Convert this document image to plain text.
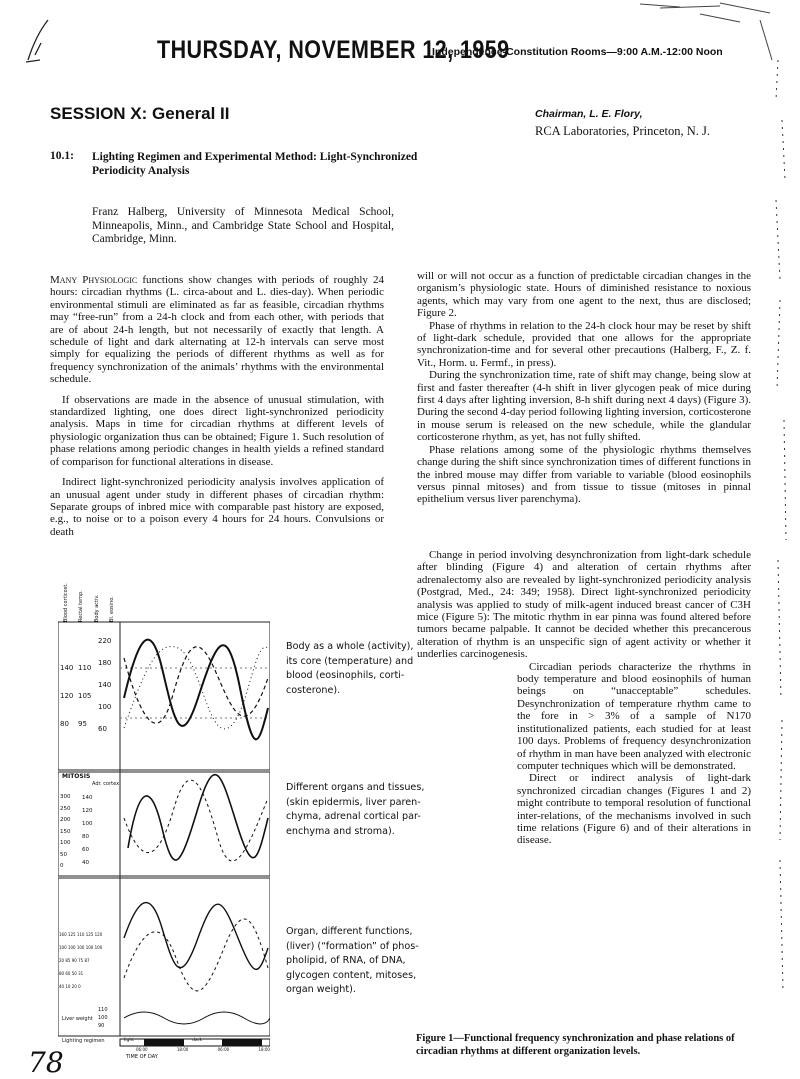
THURSDAY, NOVEMBER 12, 1959
Independence-Constitution Rooms—9:00 A.M.-12:00 Noon
SESSION X: General II	Chairman, L. E. Flory,
RCA Laboratories, Princeton, N. J.
10.1: Lighting Regimen and Experimental Method: Light-Synchronized Periodicity Analysis
Franz Halberg, University of Minnesota Medical School, Minneapolis, Minn., and Cambridge State School and Hospital, Cambridge, Minn.

Many Physiologic functions show changes with periods of roughly 24 hours: circadian rhythms (L. circa-about and L. dies-day). When periodic environmental stimuli are eliminated as far as feasible, circadian rhythms may “free-run” from a 24-h clock and from each other, with periods that are of about 24-h length, but not necessarily of exactly that length. A schedule of light and dark alternating at 12-h intervals can serve most simply for equalizing the periods of different rhythms as well as for frequency synchronization of the animals’ rhythms with the environmental schedule.

If observations are made in the absence of unusual stimulation, with standardized lighting, one does direct light-synchronized periodicity analysis. Maps in time for circadian rhythms at different levels of physiologic organization thus can be obtained; Figure 1. Such resolution of phase relations among periodic changes in health yields a refined standard of comparison for functional alterations in disease.

Indirect light-synchronized periodicity analysis involves application of an unusual agent under study in different phases of circadian rhythm: Separate groups of inbred mice with comparable past history are exposed, e.g., to noise or to a poison every 4 hours for 24 hours. Convulsions or death

will or will not occur as a function of predictable circadian changes in the organism’s physiologic state. Hours of diminished resistance to noxious agents, which may vary from one agent to the next, thus are disclosed; Figure 2.

Phase of rhythms in relation to the 24-h clock hour may be reset by shift of light-dark schedule, provided that one allows for the appropriate synchronization-time and for several other precautions (Halberg, F., Z. f. Vit., Horm. u. Fermf., in press).

During the synchronization time, rate of shift may change, being slow at first and faster thereafter (4-h shift in liver glycogen peak of mice during first 4 days after lighting inversion, 8-h shift during next 4 days) (Figure 3). During the second 4-day period following lighting inversion, corticosterone in mouse serum is released on the new schedule, while the glandular corticosterone rhythm, as yet, has not fully shifted.

Phase relations among some of the physiologic rhythms themselves change during the shift since synchronization times of different functions in the inbred mouse may differ from variable to variable (blood eosinophils versus pinnal mitoses) and from tissue to tissue (mitoses in pinnal epithelium versus liver parenchyma).

Change in period involving desynchronization from light-dark schedule after blinding (Figure 4) and alteration of certain rhythms after adrenalectomy also are revealed by light-synchronized periodicity analysis (Postgrad, Med., 24: 349; 1958). Direct light-synchronized periodicity analysis was applied to study of milk-agent induced breast cancer of C3H mice (Figure 5): The mitotic rhythm in ear pinna was found altered before tumors became palpable. It cannot be decided whether this precancerous alteration of rhythm is an unspecific sign of agent activity or whether it underlies carcinogenesis.

Circadian periods characterize the rhythms in body temperature and blood eosinophils of human beings on “unacceptable” schedules. Desynchronization of temperature rhythm came to the fore in > 3% of a sample of N170 institutionalized patients, each studied for at least 100 days. Problems of frequency desynchronization of rhythm in man have been analyzed with electronic computer techniques which will be demonstrated.

Direct or indirect analysis of light-dark synchronized circadian changes (Figures 1 and 2) might contribute to temporal resolution of functional inter-relations, of the mechanisms involved in such time relations (Figure 6) and of their alterations in disease.

140
120
80
110
105
95
220
180
140
100
60
Blood corticost. Rectal temp. Body activ. Bl. eosino.
MITOSIS
Adr. cortex
300
250
200
150
100
50
0
140
120
100
80
60
40
160 125 110 125 120
100 100 100 100 100
20 85 90 75 87
80 60 50 31
40 10 20 0
Liver weight
110
100
90
Lighting regimen	light	dark
06:00	18:00	06:00	18:00
TIME OF DAY
Body as a whole (activity),
its core (temperature) and
blood (eosinophils, corti-
costerone).
Different organs and tissues,
(skin epidermis, liver paren-
chyma, adrenal cortical par-
enchyma and stroma).
Organ, different functions,
(liver) (“formation” of phos-
pholipid, of RNA, of DNA,
glycogen content, mitoses,
organ weight).
Figure 1—Functional frequency synchronization and phase relations of circadian rhythms at different organization levels.
78
